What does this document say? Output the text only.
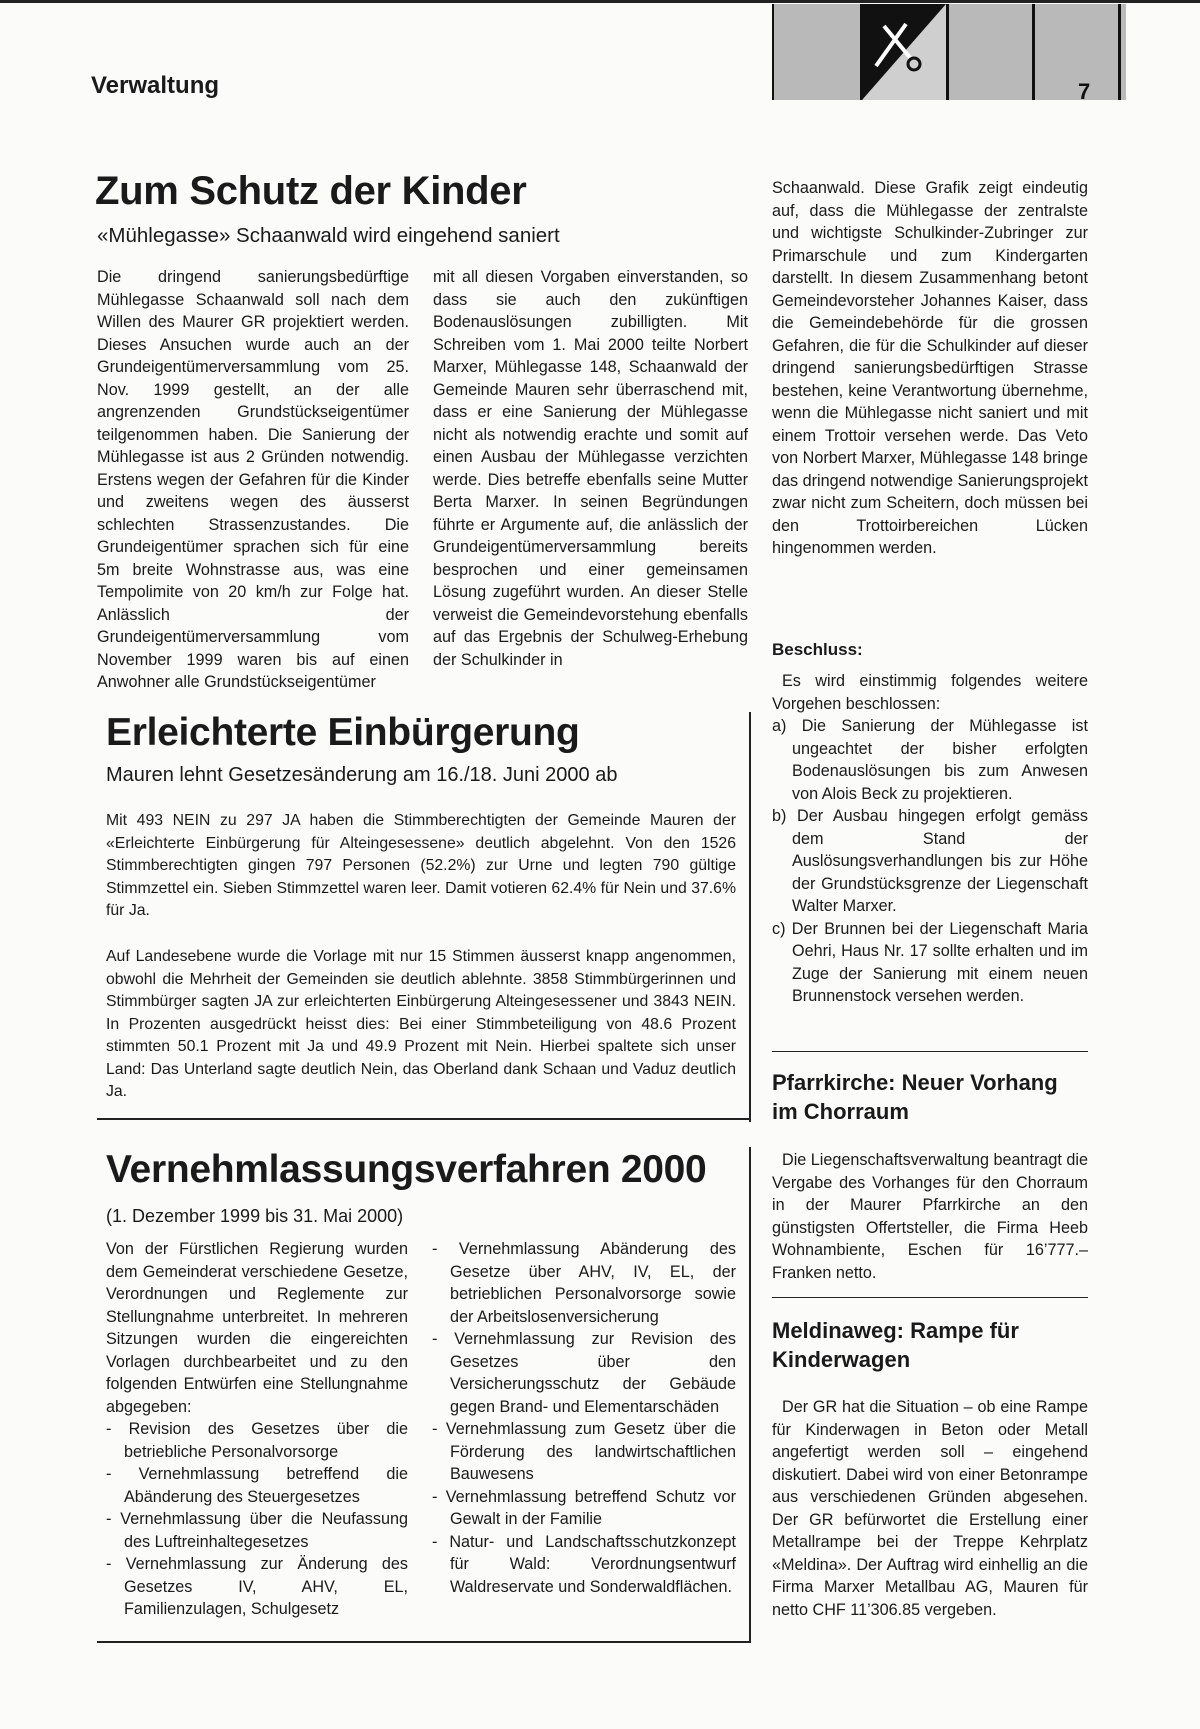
Verwaltung	7
Zum Schutz der Kinder
«Mühlegasse» Schaanwald wird eingehend saniert

Die dringend sanierungsbedürftige Mühlegasse Schaanwald soll nach dem Willen des Maurer GR projektiert werden. Dieses Ansuchen wurde auch an der Grundeigentümerversammlung vom 25. Nov. 1999 gestellt, an der alle angrenzenden Grundstückseigentümer teilgenommen haben. Die Sanierung der Mühlegasse ist aus 2 Gründen notwendig. Erstens wegen der Gefahren für die Kinder und zweitens wegen des äusserst schlechten Strassenzustandes. Die Grundeigentümer sprachen sich für eine 5m breite Wohnstrasse aus, was eine Tempolimite von 20 km/h zur Folge hat. Anlässlich der Grundeigentümerversammlung vom November 1999 waren bis auf einen Anwohner alle Grundstückseigentümer

mit all diesen Vorgaben einverstanden, so dass sie auch den zukünftigen Bodenauslösungen zubilligten. Mit Schreiben vom 1. Mai 2000 teilte Norbert Marxer, Mühlegasse 148, Schaanwald der Gemeinde Mauren sehr überraschend mit, dass er eine Sanierung der Mühlegasse nicht als notwendig erachte und somit auf einen Ausbau der Mühlegasse verzichten werde. Dies betreffe ebenfalls seine Mutter Berta Marxer. In seinen Begründungen führte er Argumente auf, die anlässlich der Grundeigentümerversammlung bereits besprochen und einer gemeinsamen Lösung zugeführt wurden. An dieser Stelle verweist die Gemeindevorstehung ebenfalls auf das Ergebnis der Schulweg-Erhebung der Schulkinder in

Schaanwald. Diese Grafik zeigt eindeutig auf, dass die Mühlegasse der zentralste und wichtigste Schulkinder-Zubringer zur Primarschule und zum Kindergarten darstellt. In diesem Zusammenhang betont Gemeindevorsteher Johannes Kaiser, dass die Gemeindebehörde für die grossen Gefahren, die für die Schulkinder auf dieser dringend sanierungsbedürftigen Strasse bestehen, keine Verantwortung übernehme, wenn die Mühlegasse nicht saniert und mit einem Trottoir versehen werde. Das Veto von Norbert Marxer, Mühlegasse 148 bringe das dringend notwendige Sanierungsprojekt zwar nicht zum Scheitern, doch müssen bei den Trottoirbereichen Lücken hingenommen werden.

Beschluss:

Es wird einstimmig folgendes weitere Vorgehen beschlossen:

a) Die Sanierung der Mühlegasse ist ungeachtet der bisher erfolgten Bodenauslösungen bis zum Anwesen von Alois Beck zu projektieren.

b) Der Ausbau hingegen erfolgt gemäss dem Stand der Auslösungsverhandlungen bis zur Höhe der Grundstücksgrenze der Liegenschaft Walter Marxer.

c) Der Brunnen bei der Liegenschaft Maria Oehri, Haus Nr. 17 sollte erhalten und im Zuge der Sanierung mit einem neuen Brunnenstock versehen werden.

Erleichterte Einbürgerung
Mauren lehnt Gesetzesänderung am 16./18. Juni 2000 ab

Mit 493 NEIN zu 297 JA haben die Stimmberechtigten der Gemeinde Mauren der «Erleichterte Einbürgerung für Alteingesessene» deutlich abgelehnt. Von den 1526 Stimmberechtigten gingen 797 Personen (52.2%) zur Urne und legten 790 gültige Stimmzettel ein. Sieben Stimmzettel waren leer. Damit votieren 62.4% für Nein und 37.6% für Ja.

Auf Landesebene wurde die Vorlage mit nur 15 Stimmen äusserst knapp angenommen, obwohl die Mehrheit der Gemeinden sie deutlich ablehnte. 3858 Stimmbürgerinnen und Stimmbürger sagten JA zur erleichterten Einbürgerung Alteingesessener und 3843 NEIN. In Prozenten ausgedrückt heisst dies: Bei einer Stimmbeteiligung von 48.6 Prozent stimmten 50.1 Prozent mit Ja und 49.9 Prozent mit Nein. Hierbei spaltete sich unser Land: Das Unterland sagte deutlich Nein, das Oberland dank Schaan und Vaduz deutlich Ja.

Vernehmlassungsverfahren 2000
(1. Dezember 1999 bis 31. Mai 2000)

Von der Fürstlichen Regierung wurden dem Gemeinderat verschiedene Gesetze, Verordnungen und Reglemente zur Stellungnahme unterbreitet. In mehreren Sitzungen wurden die eingereichten Vorlagen durchbearbeitet und zu den folgenden Entwürfen eine Stellungnahme abgegeben:

- Revision des Gesetzes über die betriebliche Personalvorsorge

- Vernehmlassung betreffend die Abänderung des Steuergesetzes

- Vernehmlassung über die Neufassung des Luftreinhaltegesetzes

- Vernehmlassung zur Änderung des Gesetzes IV, AHV, EL, Familienzulagen, Schulgesetz

- Vernehmlassung Abänderung des Gesetze über AHV, IV, EL, der betrieblichen Personalvorsorge sowie der Arbeitslosenversicherung

- Vernehmlassung zur Revision des Gesetzes über den Versicherungsschutz der Gebäude gegen Brand- und Elementarschäden

- Vernehmlassung zum Gesetz über die Förderung des landwirtschaftlichen Bauwesens

- Vernehmlassung betreffend Schutz vor Gewalt in der Familie

- Natur- und Landschaftsschutzkonzept für Wald: Verordnungsentwurf Waldreservate und Sonderwaldflächen.

Pfarrkirche: Neuer Vorhang im Chorraum

Die Liegenschaftsverwaltung beantragt die Vergabe des Vorhanges für den Chorraum in der Maurer Pfarrkirche an den günstigsten Offertsteller, die Firma Heeb Wohnambiente, Eschen für 16’777.– Franken netto.

Meldinaweg: Rampe für Kinderwagen

Der GR hat die Situation – ob eine Rampe für Kinderwagen in Beton oder Metall angefertigt werden soll – eingehend diskutiert. Dabei wird von einer Betonrampe aus verschiedenen Gründen abgesehen. Der GR befürwortet die Erstellung einer Metallrampe bei der Treppe Kehrplatz «Meldina». Der Auftrag wird einhellig an die Firma Marxer Metallbau AG, Mauren für netto CHF 11’306.85 vergeben.
